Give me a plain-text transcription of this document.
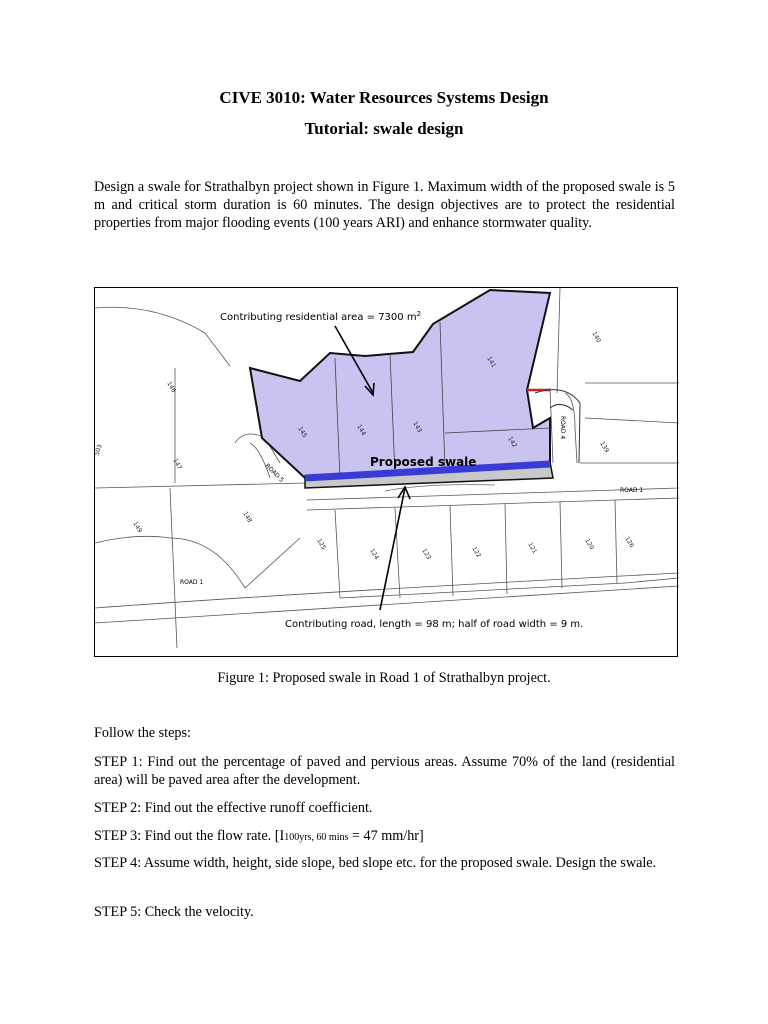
CIVE 3010: Water Resources Systems Design
Tutorial: swale design
Design a swale for Strathalbyn project shown in Figure 1. Maximum width of the proposed swale is 5 m and critical storm duration is 60 minutes. The design objectives are to protect the residential properties from major flooding events (100 years ARI) and enhance stormwater quality.
Contributing residential area = 7300 $m^2$
Proposed swale
Contributing road, length = 98 m; half of road width = 9 m.
ROAD 1
ROAD 1
ROAD 5
ROAD 4
146
145	144	143
141
142
140
139
147
149
148
125
124	123	122	121	120	126
503
Figure 1: Proposed swale in Road 1 of Strathalbyn project.
Follow the steps:
STEP 1: Find out the percentage of paved and pervious areas. Assume 70% of the land (residential area) will be paved area after the development.
STEP 2: Find out the effective runoff coefficient.
STEP 3: Find out the flow rate. [I100yrs, 60 mins = 47 mm/hr]
STEP 4: Assume width, height, side slope, bed slope etc. for the proposed swale. Design the swale.
STEP 5: Check the velocity.
